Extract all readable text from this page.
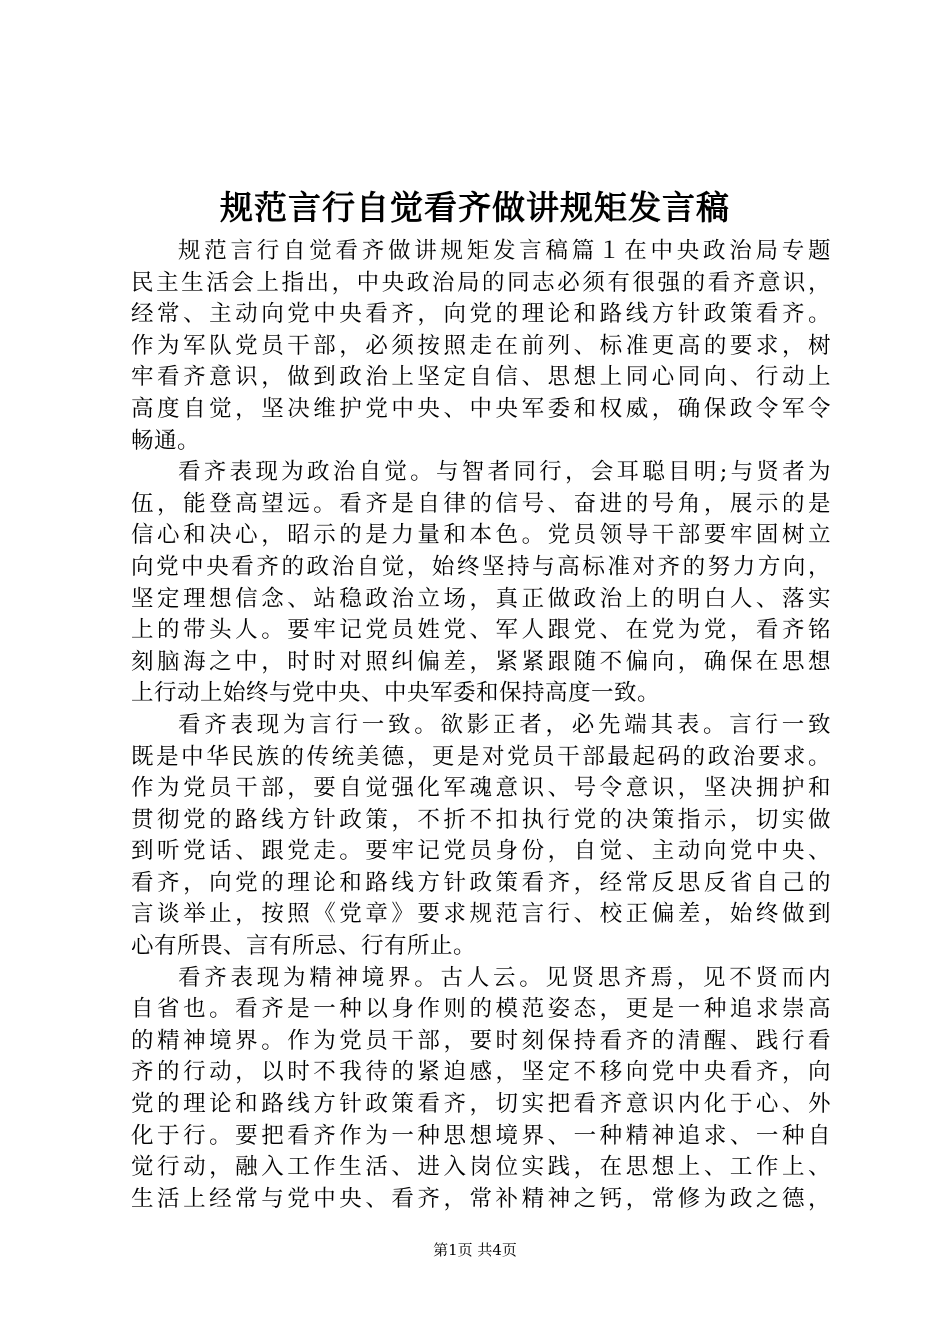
规范言行自觉看齐做讲规矩发言稿

规范言行自觉看齐做讲规矩发言稿篇１在中央政治局专题
民主生活会上指出，中央政治局的同志必须有很强的看齐意识，
经常、主动向党中央看齐，向党的理论和路线方针政策看齐。
作为军队党员干部，必须按照走在前列、标准更高的要求，树
牢看齐意识，做到政治上坚定自信、思想上同心同向、行动上
高度自觉，坚决维护党中央、中央军委和权威，确保政令军令
畅通。

看齐表现为政治自觉。与智者同行，会耳聪目明;与贤者为
伍，能登高望远。看齐是自律的信号、奋进的号角，展示的是
信心和决心，昭示的是力量和本色。党员领导干部要牢固树立
向党中央看齐的政治自觉，始终坚持与高标准对齐的努力方向，
坚定理想信念、站稳政治立场，真正做政治上的明白人、落实
上的带头人。要牢记党员姓党、军人跟党、在党为党，看齐铭
刻脑海之中，时时对照纠偏差，紧紧跟随不偏向，确保在思想
上行动上始终与党中央、中央军委和保持高度一致。

看齐表现为言行一致。欲影正者，必先端其表。言行一致
既是中华民族的传统美德，更是对党员干部最起码的政治要求。
作为党员干部，要自觉强化军魂意识、号令意识，坚决拥护和
贯彻党的路线方针政策，不折不扣执行党的决策指示，切实做
到听党话、跟党走。要牢记党员身份，自觉、主动向党中央、
看齐，向党的理论和路线方针政策看齐，经常反思反省自己的
言谈举止，按照《党章》要求规范言行、校正偏差，始终做到
心有所畏、言有所忌、行有所止。

看齐表现为精神境界。古人云。见贤思齐焉，见不贤而内
自省也。看齐是一种以身作则的模范姿态，更是一种追求崇高
的精神境界。作为党员干部，要时刻保持看齐的清醒、践行看
齐的行动，以时不我待的紧迫感，坚定不移向党中央看齐，向
党的理论和路线方针政策看齐，切实把看齐意识内化于心、外
化于行。要把看齐作为一种思想境界、一种精神追求、一种自
觉行动，融入工作生活、进入岗位实践，在思想上、工作上、
生活上经常与党中央、看齐，常补精神之钙，常修为政之德，

第1页 共4页
